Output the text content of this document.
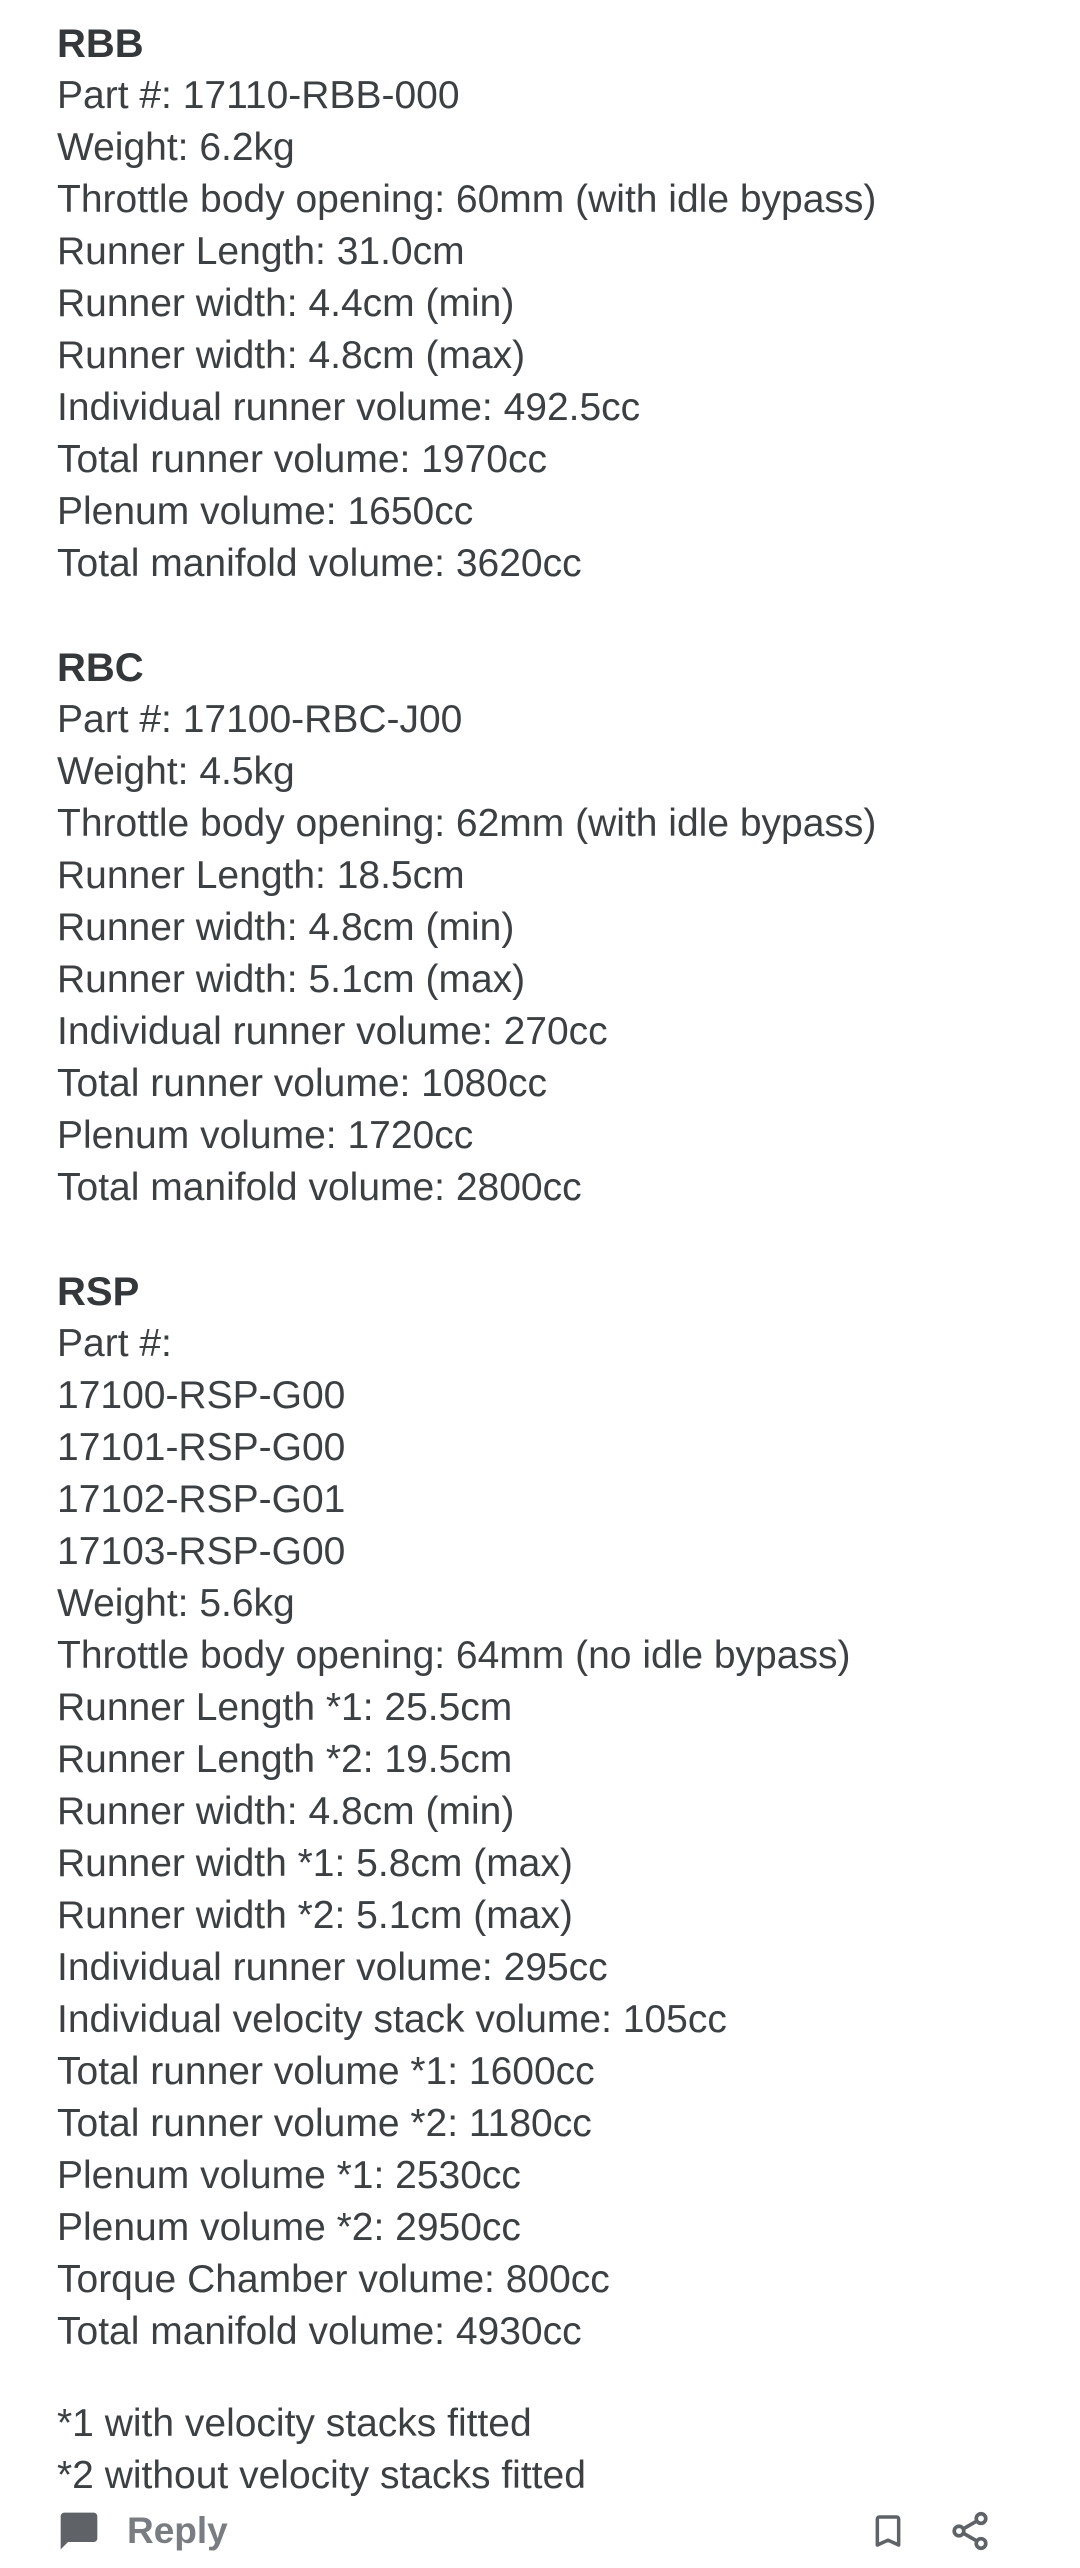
RBB
Part #: 17110-RBB-000
Weight: 6.2kg
Throttle body opening: 60mm (with idle bypass)
Runner Length: 31.0cm
Runner width: 4.4cm (min)
Runner width: 4.8cm (max)
Individual runner volume: 492.5cc
Total runner volume: 1970cc
Plenum volume: 1650cc
Total manifold volume: 3620cc
RBC
Part #: 17100-RBC-J00
Weight: 4.5kg
Throttle body opening: 62mm (with idle bypass)
Runner Length: 18.5cm
Runner width: 4.8cm (min)
Runner width: 5.1cm (max)
Individual runner volume: 270cc
Total runner volume: 1080cc
Plenum volume: 1720cc
Total manifold volume: 2800cc
RSP
Part #:
17100-RSP-G00
17101-RSP-G00
17102-RSP-G01
17103-RSP-G00
Weight: 5.6kg
Throttle body opening: 64mm (no idle bypass)
Runner Length *1: 25.5cm
Runner Length *2: 19.5cm
Runner width: 4.8cm (min)
Runner width *1: 5.8cm (max)
Runner width *2: 5.1cm (max)
Individual runner volume: 295cc
Individual velocity stack volume: 105cc
Total runner volume *1: 1600cc
Total runner volume *2: 1180cc
Plenum volume *1: 2530cc
Plenum volume *2: 2950cc
Torque Chamber volume: 800cc
Total manifold volume: 4930cc
*1 with velocity stacks fitted
*2 without velocity stacks fitted
Reply
